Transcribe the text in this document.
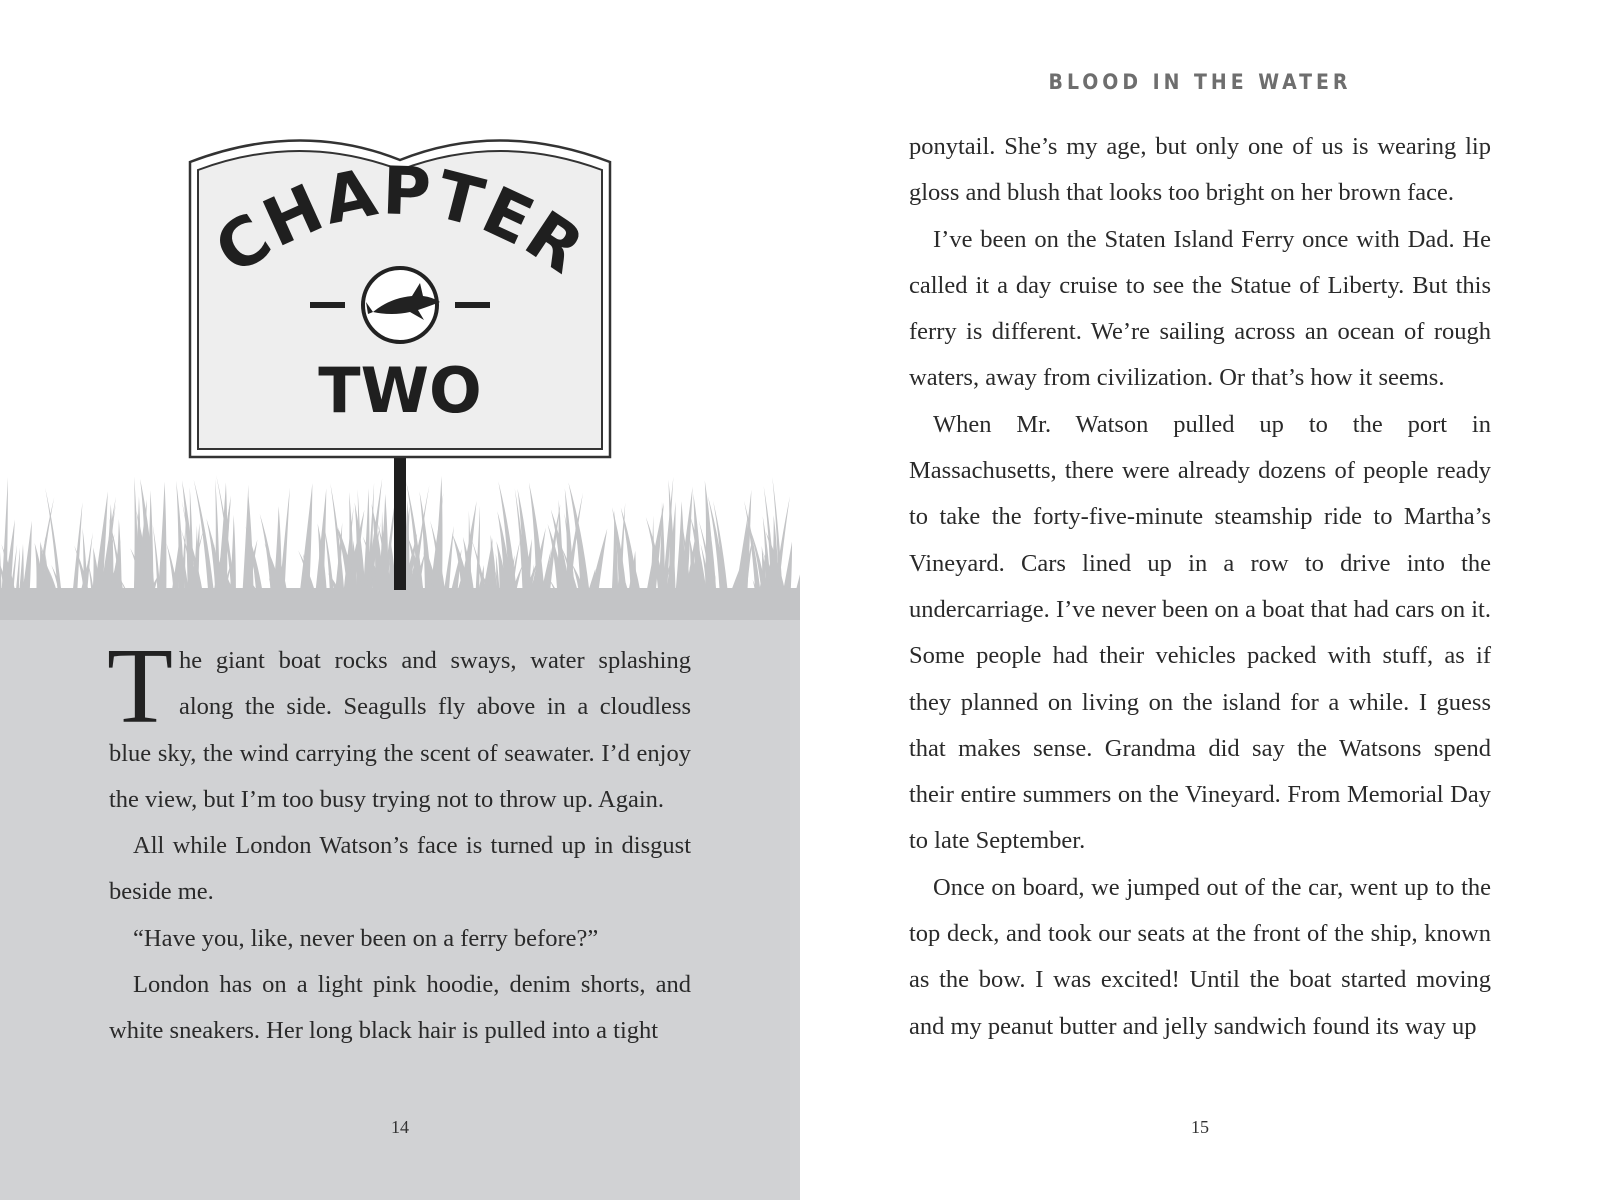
CHAPTER
TWO

The giant boat rocks and sways, water splashing along the side. Seagulls fly above in a cloudless blue sky, the wind carrying the scent of seawater. I’d enjoy the view, but I’m too busy trying not to throw up. Again.

All while London Watson’s face is turned up in disgust beside me.

“Have you, like, never been on a ferry before?”

London has on a light pink hoodie, denim shorts, and white sneakers. Her long black hair is pulled into a tight

14
BLOOD IN THE WATER

ponytail. She’s my age, but only one of us is wearing lip gloss and blush that looks too bright on her brown face.

I’ve been on the Staten Island Ferry once with Dad. He called it a day cruise to see the Statue of Liberty. But this ferry is different. We’re sailing across an ocean of rough waters, away from civilization. Or that’s how it seems.

When Mr. Watson pulled up to the port in Massachusetts, there were already dozens of people ready to take the forty-five-minute steamship ride to Martha’s Vineyard. Cars lined up in a row to drive into the undercarriage. I’ve never been on a boat that had cars on it. Some people had their vehicles packed with stuff, as if they planned on living on the island for a while. I guess that makes sense. Grandma did say the Watsons spend their entire summers on the Vineyard. From Memorial Day to late September.

Once on board, we jumped out of the car, went up to the top deck, and took our seats at the front of the ship, known as the bow. I was excited! Until the boat started moving and my peanut butter and jelly sandwich found its way up

15
